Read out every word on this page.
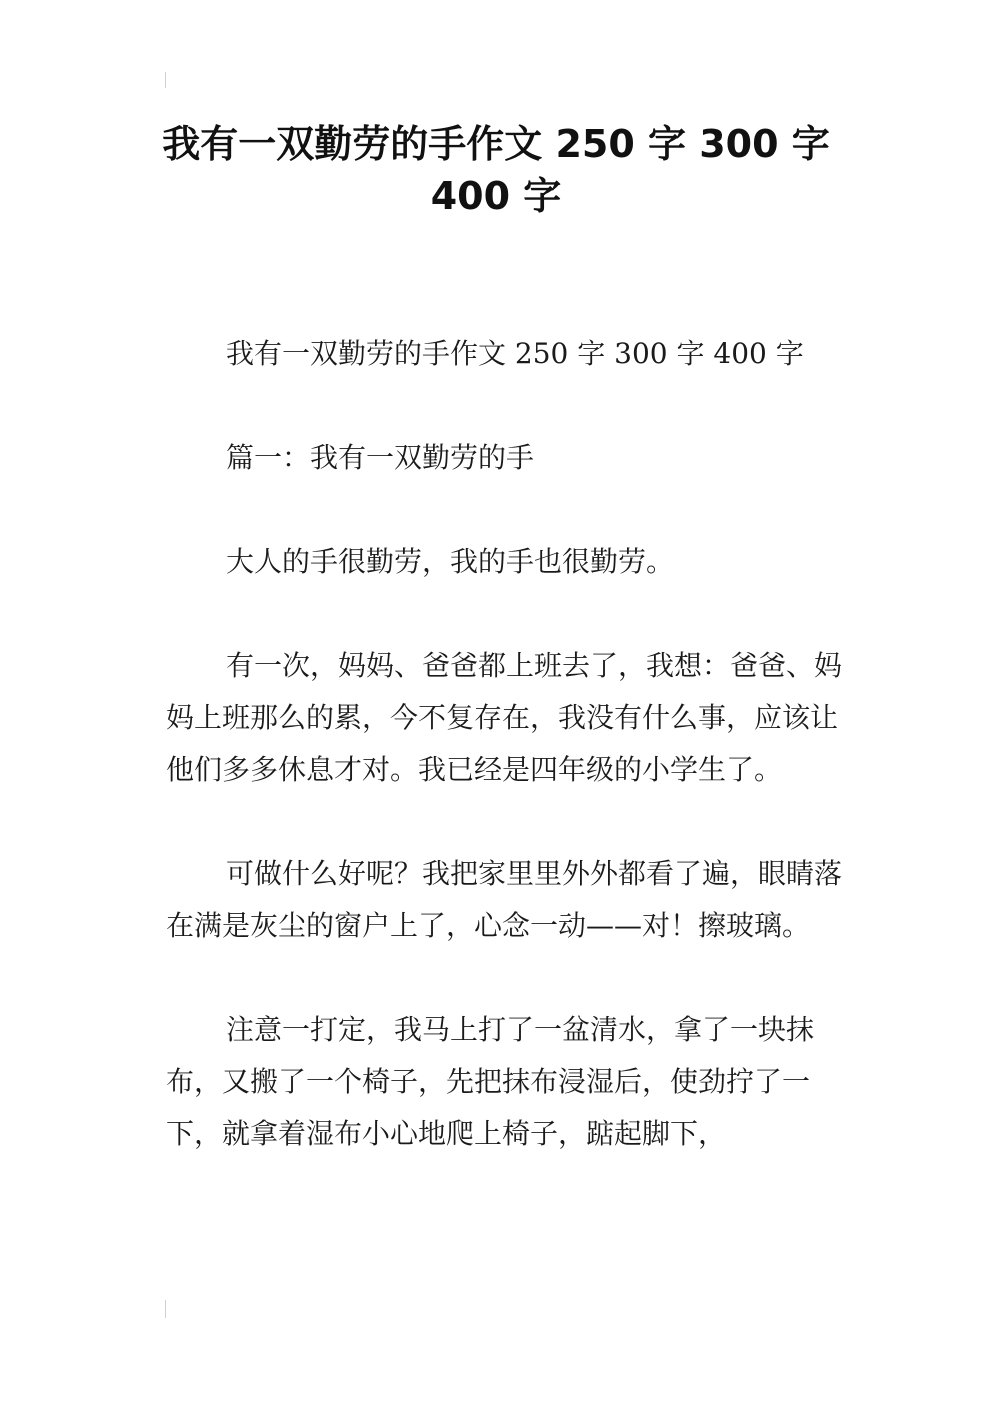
我有一双勤劳的手作文 250 字 300 字 400 字

我有一双勤劳的手作文 250 字 300 字 400 字

篇一：我有一双勤劳的手

大人的手很勤劳，我的手也很勤劳。

有一次，妈妈、爸爸都上班去了，我想：爸爸、妈妈上班那么的累，今不复存在，我没有什么事，应该让他们多多休息才对。我已经是四年级的小学生了。

可做什么好呢？我把家里里外外都看了遍，眼睛落在满是灰尘的窗户上了，心念一动——对！擦玻璃。

注意一打定，我马上打了一盆清水，拿了一块抹布，又搬了一个椅子，先把抹布浸湿后，使劲拧了一下，就拿着湿布小心地爬上椅子，踮起脚下，
